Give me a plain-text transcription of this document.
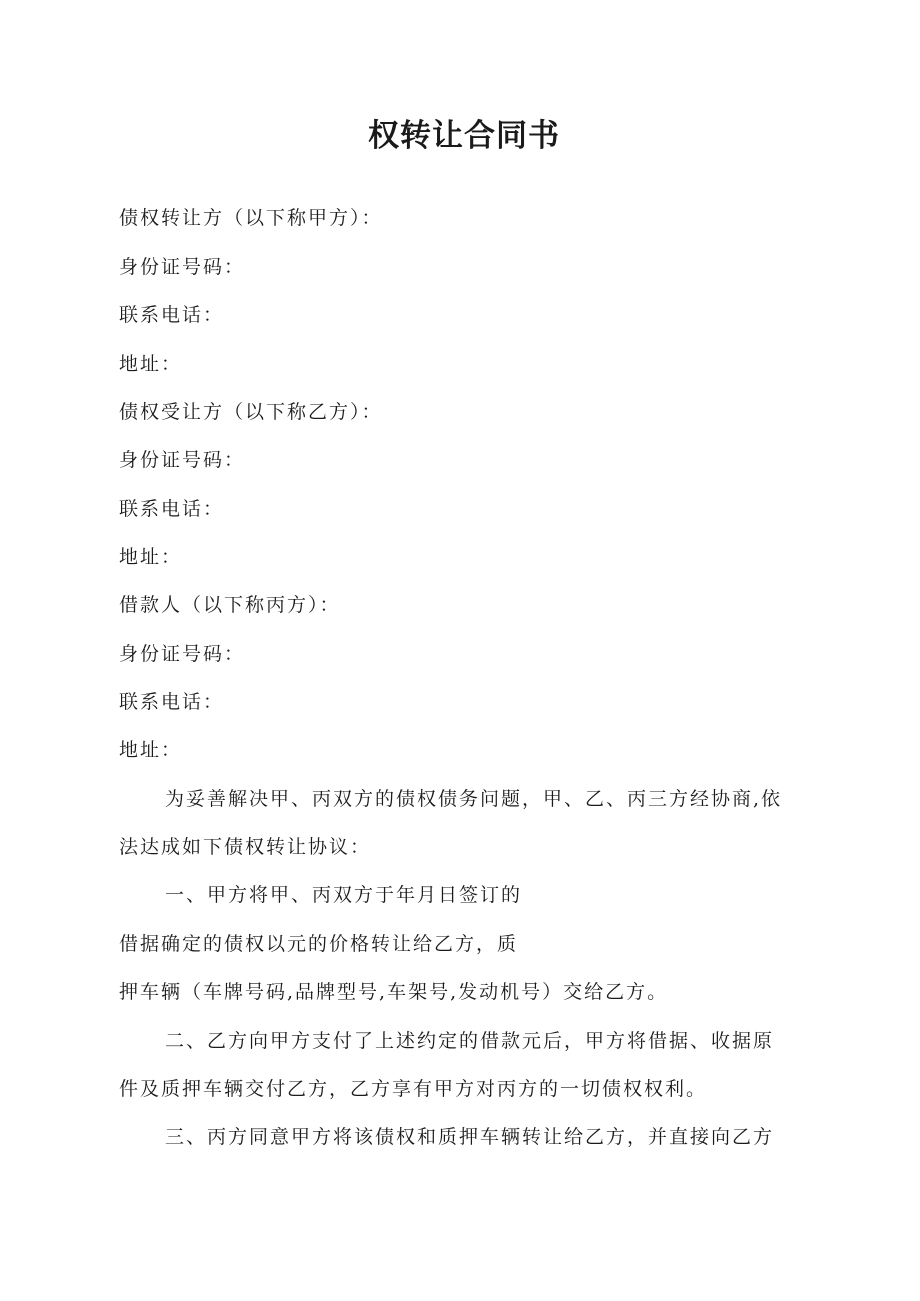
权转让合同书
债权转让方（以下称甲方）：
身份证号码：
联系电话：
地址：
债权受让方（以下称乙方）：
身份证号码：
联系电话：
地址：
借款人（以下称丙方）：
身份证号码：
联系电话：
地址：
为妥善解决甲、丙双方的债权债务问题，甲、乙、丙三方经协商,依
法达成如下债权转让协议：
一、甲方将甲、丙双方于年月日签订的
借据确定的债权以元的价格转让给乙方，质
押车辆（车牌号码,品牌型号,车架号,发动机号）交给乙方。
二、乙方向甲方支付了上述约定的借款元后，甲方将借据、收据原
件及质押车辆交付乙方，乙方享有甲方对丙方的一切债权权利。
三、丙方同意甲方将该债权和质押车辆转让给乙方，并直接向乙方
